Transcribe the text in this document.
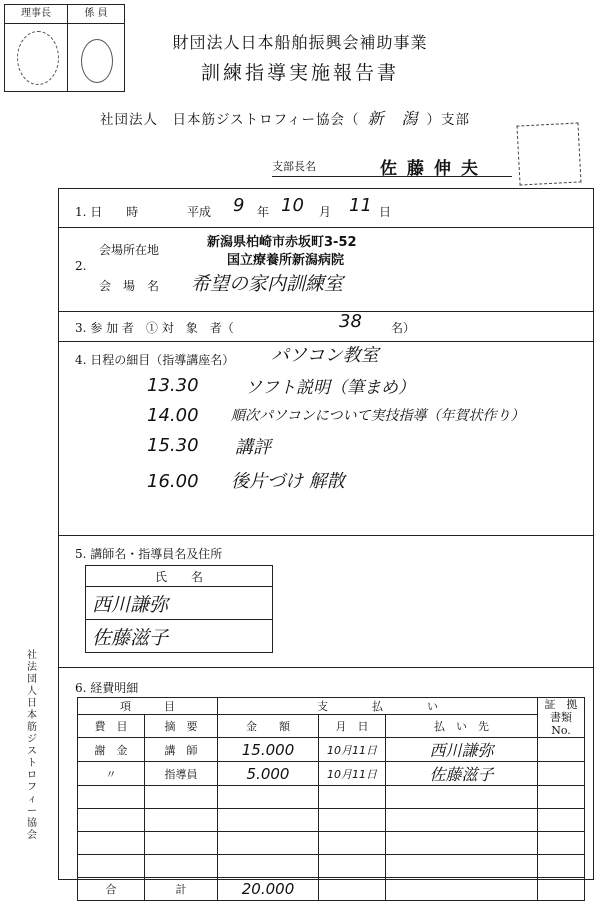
理事長	係 員
財団法人日本船舶振興会補助事業
訓練指導実施報告書
社団法人　日本筋ジストロフィー協会（ 新　潟 ）支部
支部長名	佐藤伸夫
社法団人日本筋ジストロフィー協会
1. 日　　時	平成 9 年 10 月 11 日
2.
会場所在地	新潟県柏崎市赤坂町3-52
国立療養所新潟病院
会　場　名 希望の家内訓練室
3. 参 加 者　① 対　象　者（	38 名）
4. 日程の細目（指導講座名） パソコン教室
13.30	ソフト説明（筆まめ）
14.00 順次パソコンについて実技指導（年賀状作り）
15.30 講評
16.00 後片づけ 解散
5. 講師名・指導員名及住所
氏　　名
西川謙弥
佐藤滋子
6. 経費明細
項　　　目		支　　　　払　　　　い			証　拠
書類No.
費　目	摘　要	金　　額	月　日	払　い　先	
謝　金	講　師	15.000	10月11日	西川謙弥	
〃	指導員	5.000	10月11日	佐藤滋子	

合	計	20.000			
